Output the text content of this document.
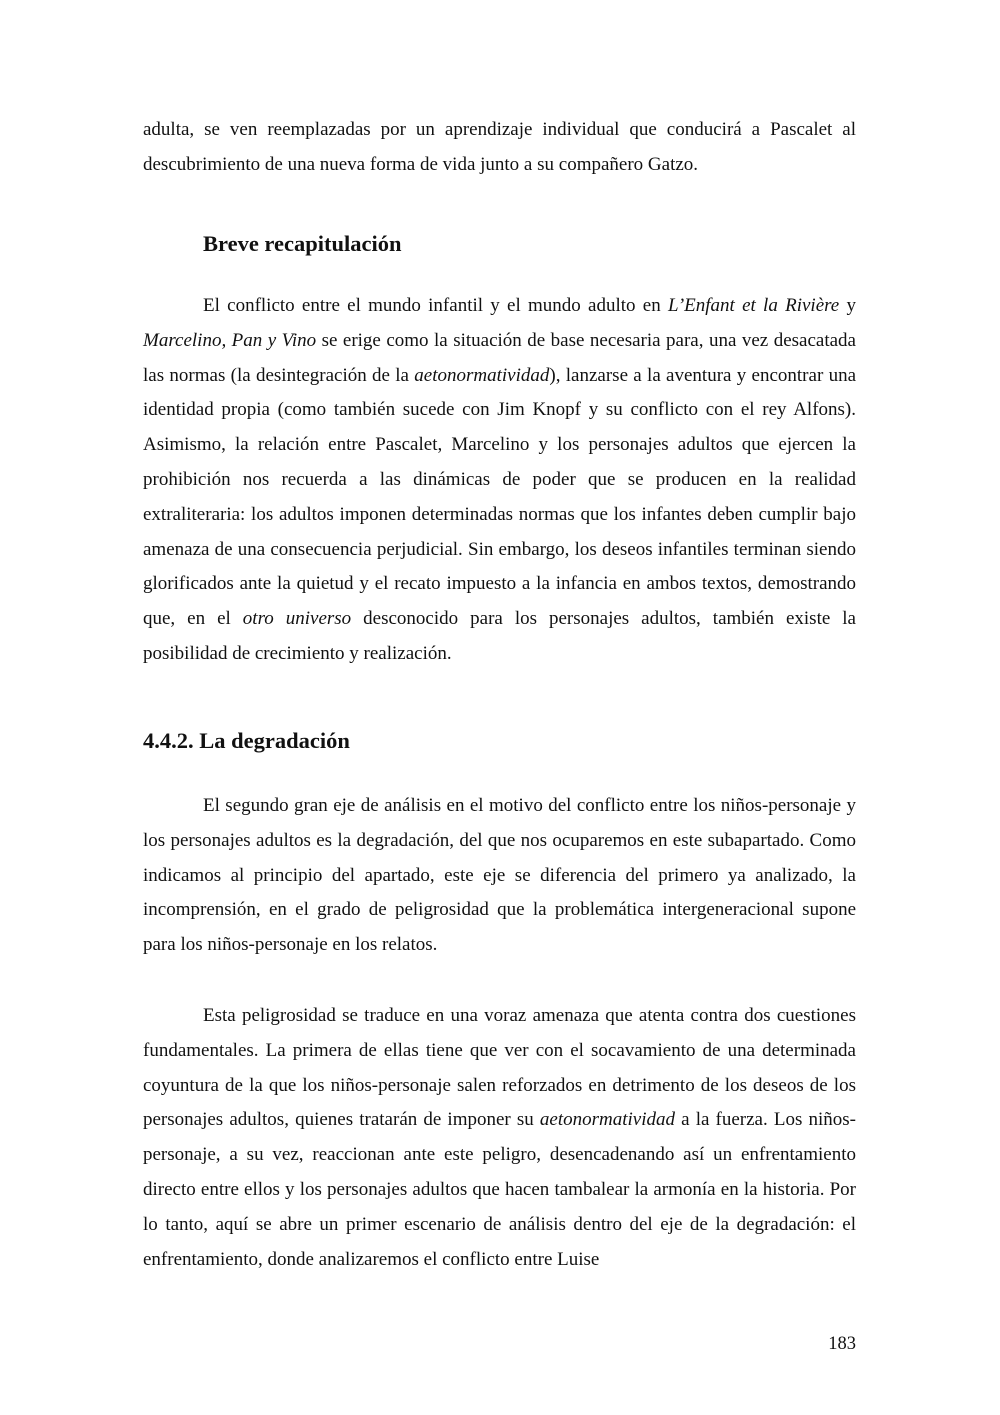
adulta, se ven reemplazadas por un aprendizaje individual que conducirá a Pascalet al descubrimiento de una nueva forma de vida junto a su compañero Gatzo.

Breve recapitulación

El conflicto entre el mundo infantil y el mundo adulto en L’Enfant et la Rivière y Marcelino, Pan y Vino se erige como la situación de base necesaria para, una vez desacatada las normas (la desintegración de la aetonormatividad), lanzarse a la aventura y encontrar una identidad propia (como también sucede con Jim Knopf y su conflicto con el rey Alfons). Asimismo, la relación entre Pascalet, Marcelino y los personajes adultos que ejercen la prohibición nos recuerda a las dinámicas de poder que se producen en la realidad extraliteraria: los adultos imponen determinadas normas que los infantes deben cumplir bajo amenaza de una consecuencia perjudicial. Sin embargo, los deseos infantiles terminan siendo glorificados ante la quietud y el recato impuesto a la infancia en ambos textos, demostrando que, en el otro universo desconocido para los personajes adultos, también existe la posibilidad de crecimiento y realización.

4.4.2. La degradación

El segundo gran eje de análisis en el motivo del conflicto entre los niños-personaje y los personajes adultos es la degradación, del que nos ocuparemos en este subapartado. Como indicamos al principio del apartado, este eje se diferencia del primero ya analizado, la incomprensión, en el grado de peligrosidad que la problemática intergeneracional supone para los niños-personaje en los relatos.

Esta peligrosidad se traduce en una voraz amenaza que atenta contra dos cuestiones fundamentales. La primera de ellas tiene que ver con el socavamiento de una determinada coyuntura de la que los niños-personaje salen reforzados en detrimento de los deseos de los personajes adultos, quienes tratarán de imponer su aetonormatividad a la fuerza. Los niños-personaje, a su vez, reaccionan ante este peligro, desencadenando así un enfrentamiento directo entre ellos y los personajes adultos que hacen tambalear la armonía en la historia. Por lo tanto, aquí se abre un primer escenario de análisis dentro del eje de la degradación: el enfrentamiento, donde analizaremos el conflicto entre Luise

183
